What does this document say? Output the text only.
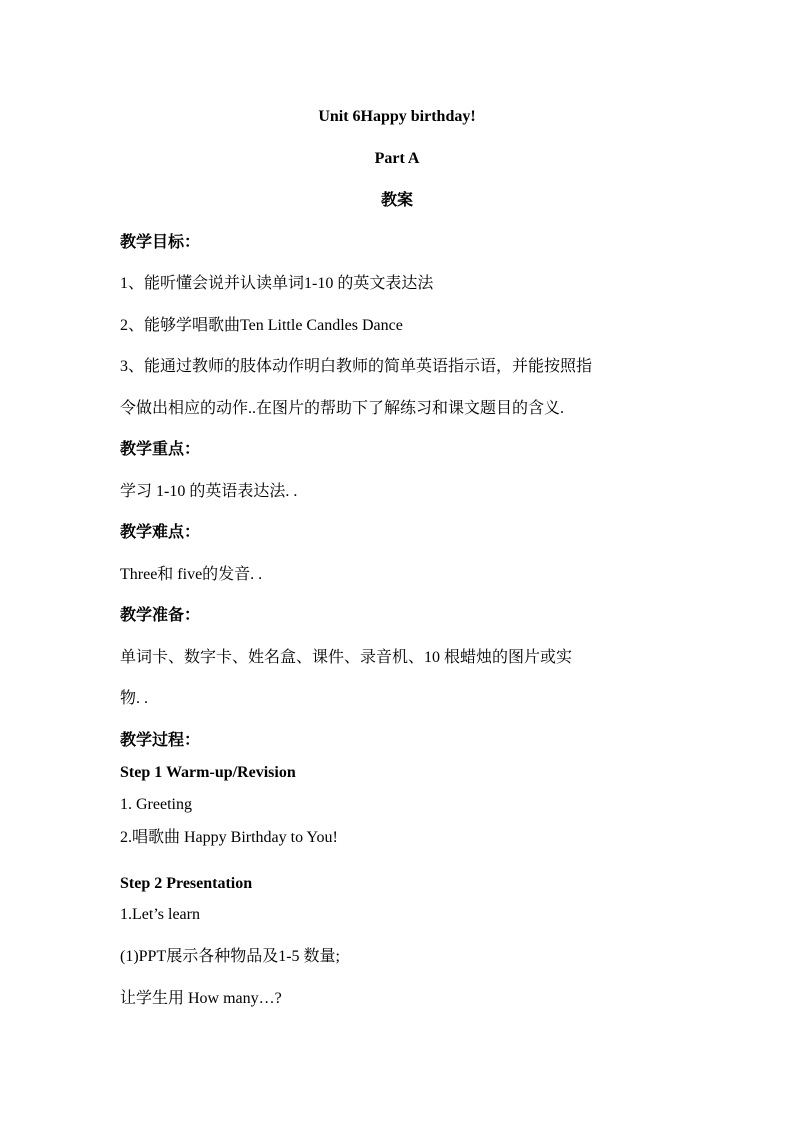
Unit 6Happy birthday!
Part A
教案
教学目标：
1、能听懂会说并认读单词1-10 的英文表达法
2、能够学唱歌曲Ten Little Candles Dance
3、能通过教师的肢体动作明白教师的简单英语指示语，并能按照指
令做出相应的动作..在图片的帮助下了解练习和课文题目的含义.
教学重点：
学习 1-10 的英语表达法. .
教学难点：
Three和 five的发音. .
教学准备：
单词卡、数字卡、姓名盒、课件、录音机、10 根蜡烛的图片或实
物. .
教学过程：
Step 1 Warm-up/Revision
1. Greeting
2.唱歌曲 Happy Birthday to You!
Step 2 Presentation
1.Let’s learn
(1)PPT展示各种物品及1-5 数量;
让学生用 How many…?
